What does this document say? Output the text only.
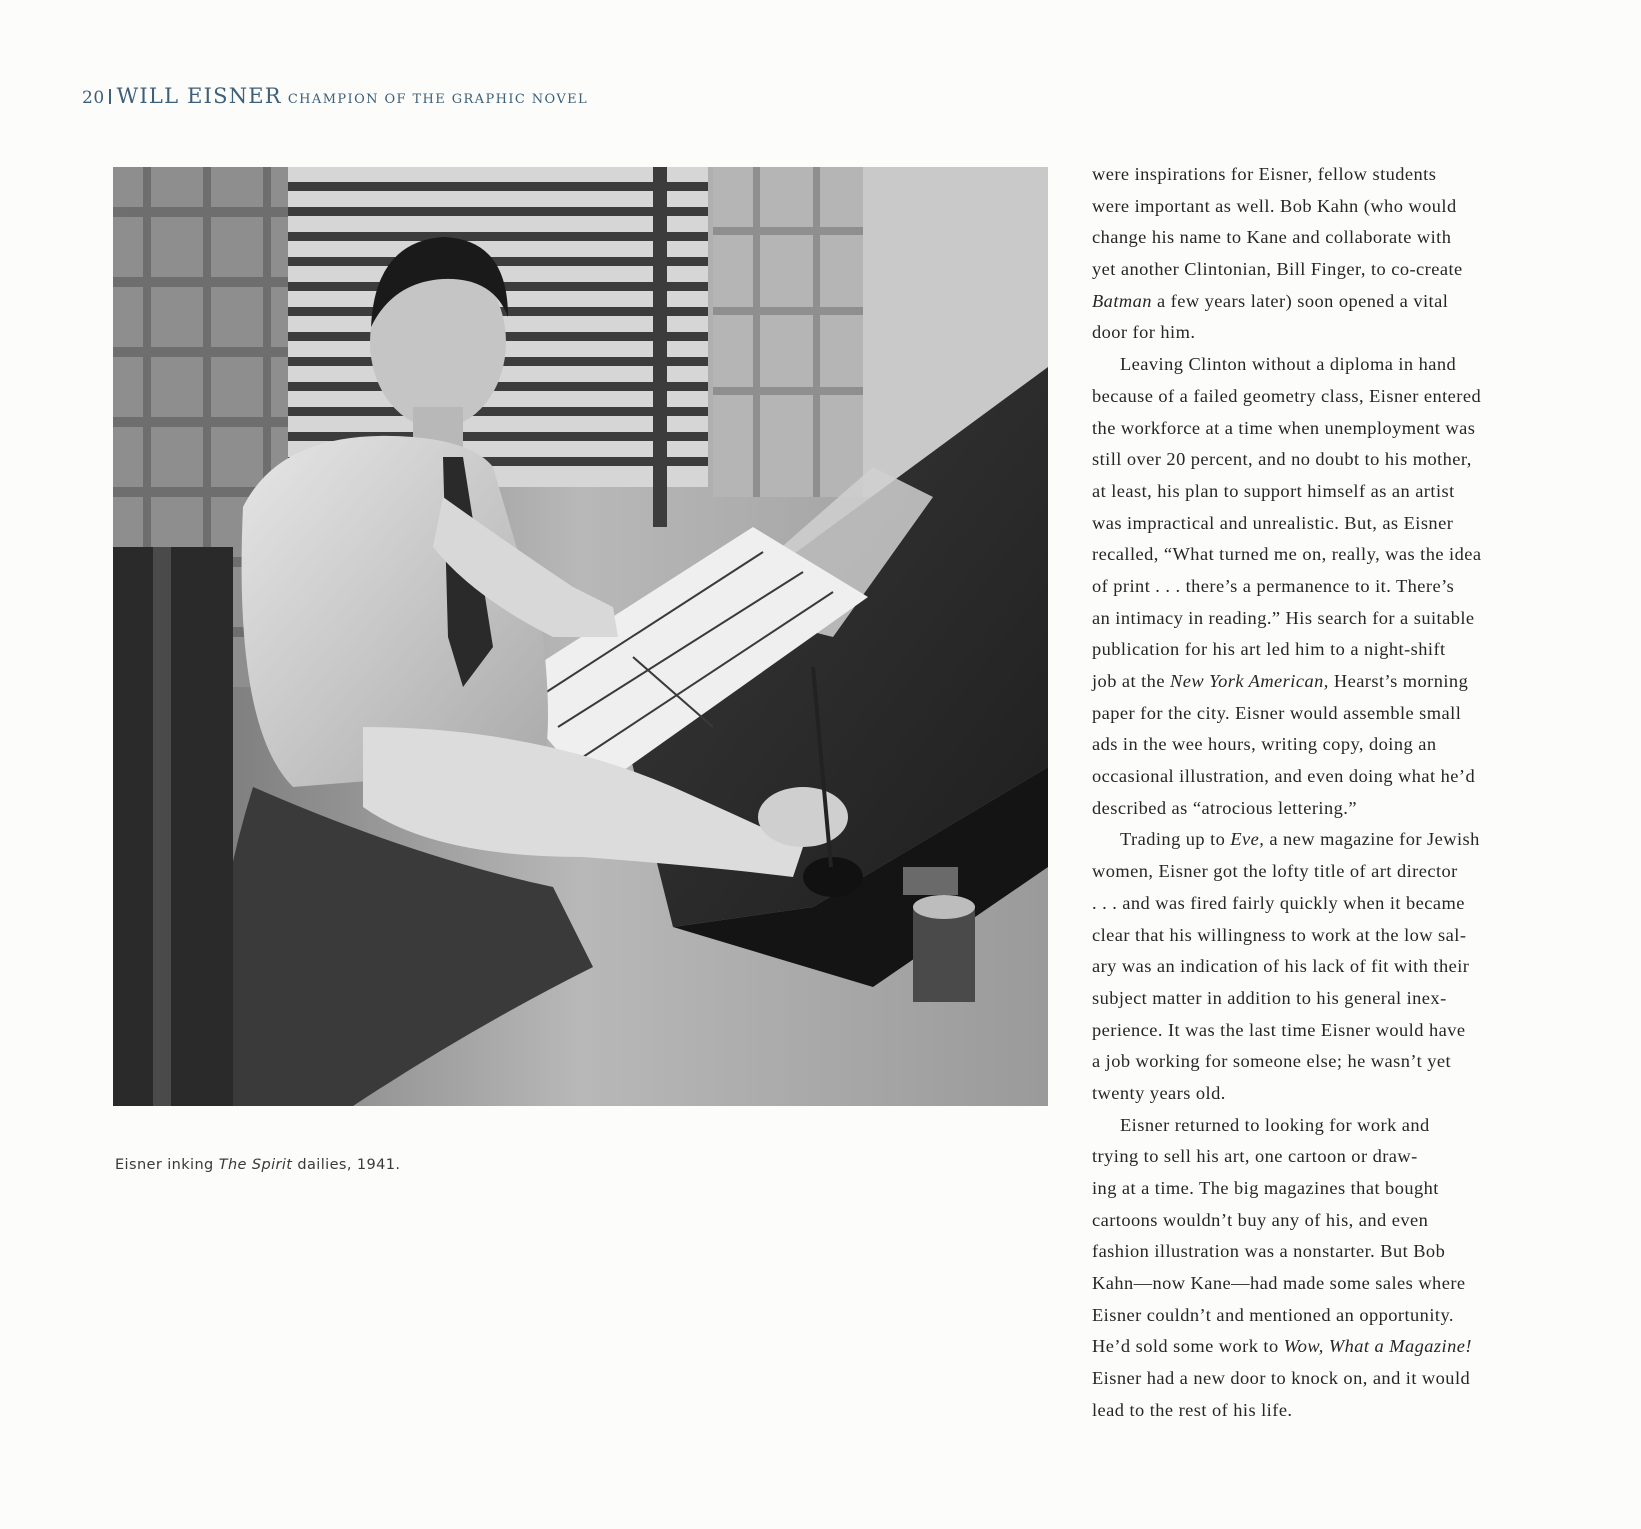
20 WILL EISNER CHAMPION OF THE GRAPHIC NOVEL
Eisner inking The Spirit dailies, 1941.
were inspirations for Eisner, fellow students
were important as well. Bob Kahn (who would
change his name to Kane and collaborate with
yet another Clintonian, Bill Finger, to co-create
Batman a few years later) soon opened a vital
door for him.
Leaving Clinton without a diploma in hand
because of a failed geometry class, Eisner entered
the workforce at a time when unemployment was
still over 20 percent, and no doubt to his mother,
at least, his plan to support himself as an artist
was impractical and unrealistic. But, as Eisner
recalled, “What turned me on, really, was the idea
of print . . . there’s a permanence to it. There’s
an intimacy in reading.” His search for a suitable
publication for his art led him to a night-shift
job at the New York American, Hearst’s morning
paper for the city. Eisner would assemble small
ads in the wee hours, writing copy, doing an
occasional illustration, and even doing what he’d
described as “atrocious lettering.”
Trading up to Eve, a new magazine for Jewish
women, Eisner got the lofty title of art director
. . . and was fired fairly quickly when it became
clear that his willingness to work at the low sal-
ary was an indication of his lack of fit with their
subject matter in addition to his general inex-
perience. It was the last time Eisner would have
a job working for someone else; he wasn’t yet
twenty years old.
Eisner returned to looking for work and
trying to sell his art, one cartoon or draw-
ing at a time. The big magazines that bought
cartoons wouldn’t buy any of his, and even
fashion illustration was a nonstarter. But Bob
Kahn—now Kane—had made some sales where
Eisner couldn’t and mentioned an opportunity.
He’d sold some work to Wow, What a Magazine!
Eisner had a new door to knock on, and it would
lead to the rest of his life.
